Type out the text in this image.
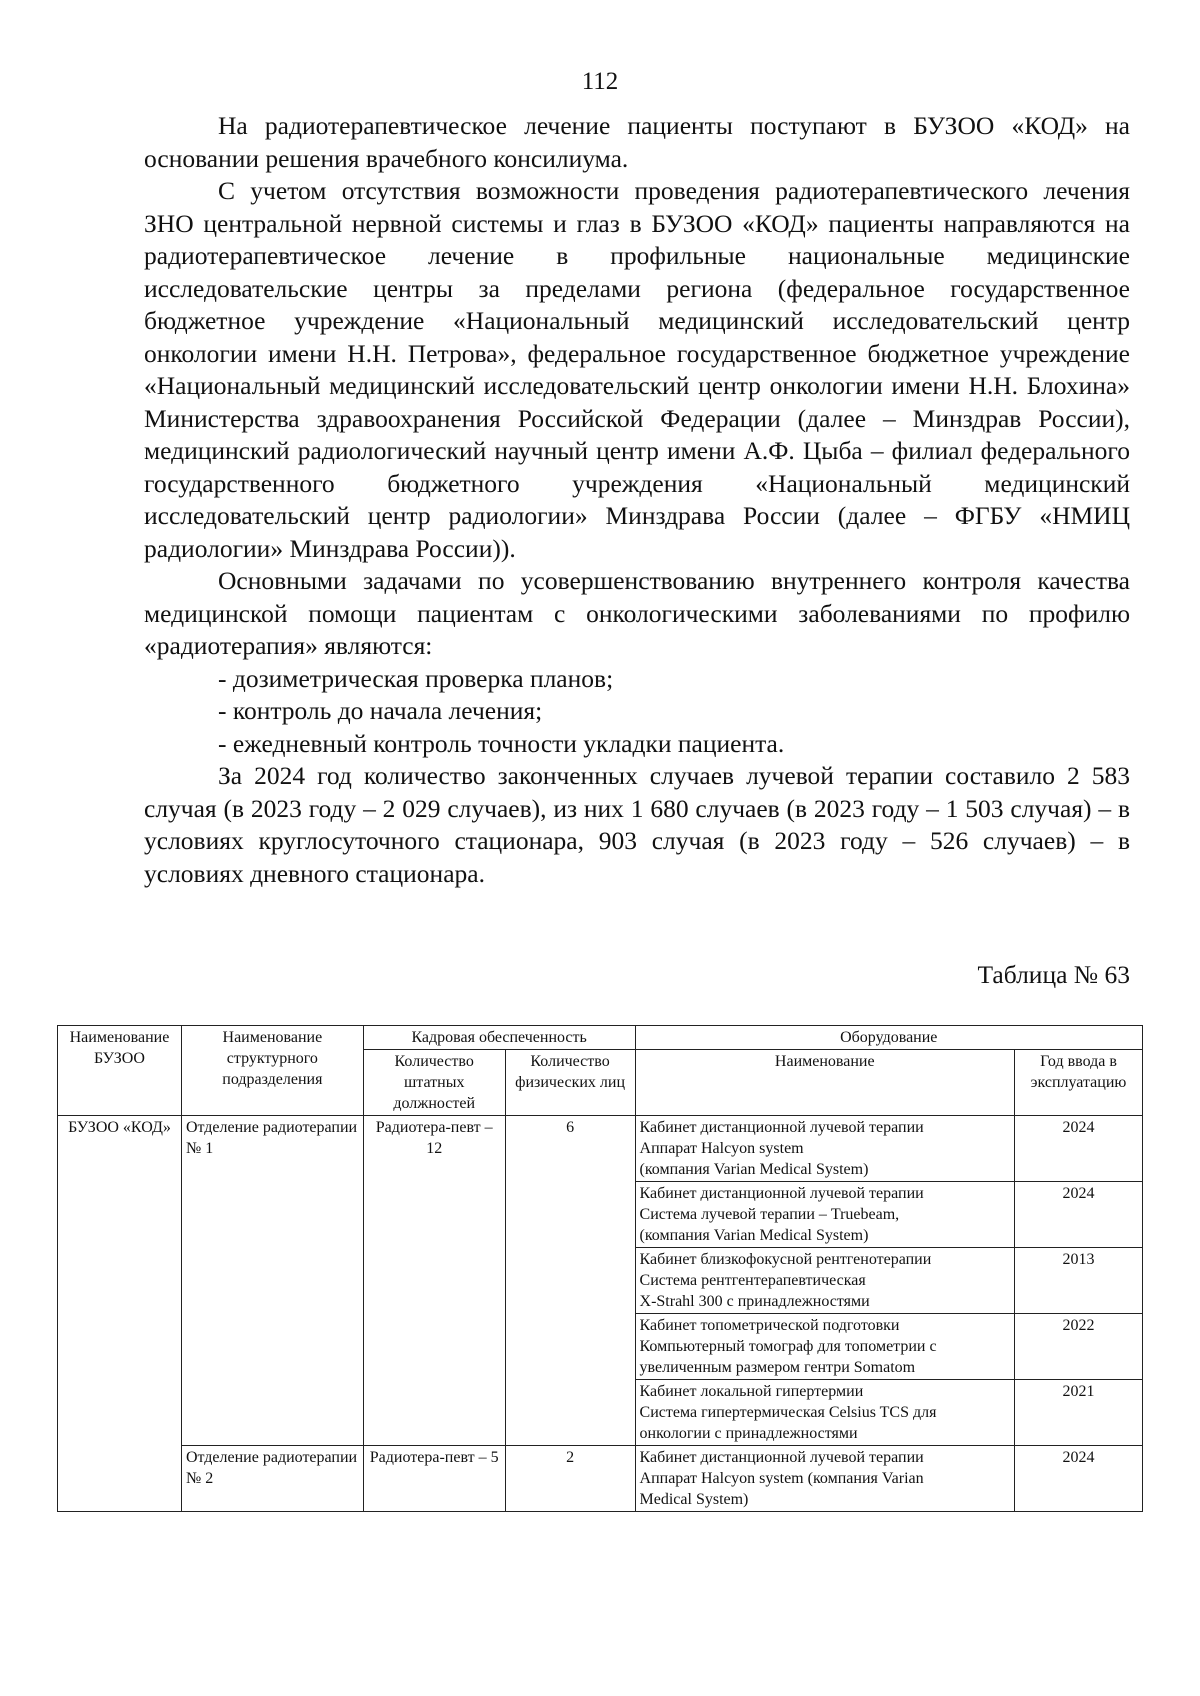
112

На радиотерапевтическое лечение пациенты поступают в БУЗОО «КОД» на основании решения врачебного консилиума.

С учетом отсутствия возможности проведения радиотерапевтического лечения ЗНО центральной нервной системы и глаз в БУЗОО «КОД» пациенты направляются на радиотерапевтическое лечение в профильные национальные медицинские исследовательские центры за пределами региона (федеральное государственное бюджетное учреждение «Национальный медицинский исследовательский центр онкологии имени Н.Н. Петрова», федеральное государственное бюджетное учреждение «Национальный медицинский исследовательский центр онкологии имени Н.Н. Блохина» Министерства здравоохранения Российской Федерации (далее – Минздрав России), медицинский радиологический научный центр имени А.Ф. Цыба – филиал федерального государственного бюджетного учреждения «Национальный медицинский исследовательский центр радиологии» Минздрава России (далее – ФГБУ «НМИЦ радиологии» Минздрава России)).

Основными задачами по усовершенствованию внутреннего контроля качества медицинской помощи пациентам с онкологическими заболеваниями по профилю «радиотерапия» являются:

- дозиметрическая проверка планов;

- контроль до начала лечения;

- ежедневный контроль точности укладки пациента.

За 2024 год количество законченных случаев лучевой терапии составило 2 583 случая (в 2023 году – 2 029 случаев), из них 1 680 случаев (в 2023 году – 1 503 случая) – в условиях круглосуточного стационара, 903 случая (в 2023 году – 526 случаев) – в условиях дневного стационара.

Таблица № 63
Наименование БУЗОО	Наименование структурного подразделения	Кадровая обеспеченность		Оборудование	
		Количество штатных должностей	Количество физических лиц	Наименование	Год ввода в эксплуатацию
БУЗОО «КОД»	Отделение радиотерапии № 1	Радиотера-певт – 12	6	Кабинет дистанционной лучевой терапии
Аппарат Halcyon system
(компания Varian Medical System)	2024

				Кабинет дистанционной лучевой терапии
Система лучевой терапии – Truebeam,
(компания Varian Medical System)	2024

				Кабинет близкофокусной рентгенотерапии
Система рентгентерапевтическая
X-Strahl 300 с принадлежностями	2013

				Кабинет топометрической подготовки
Компьютерный томограф для топометрии с
увеличенным размером гентри Somatom	2022

				Кабинет локальной гипертермии
Система гипертермическая Celsius TCS для
онкологии с принадлежностями	2021
	Отделение радиотерапии № 2	Радиотера-певт – 5	2	Кабинет дистанционной лучевой терапии
Аппарат Halcyon system (компания Varian
Medical System)	2024
